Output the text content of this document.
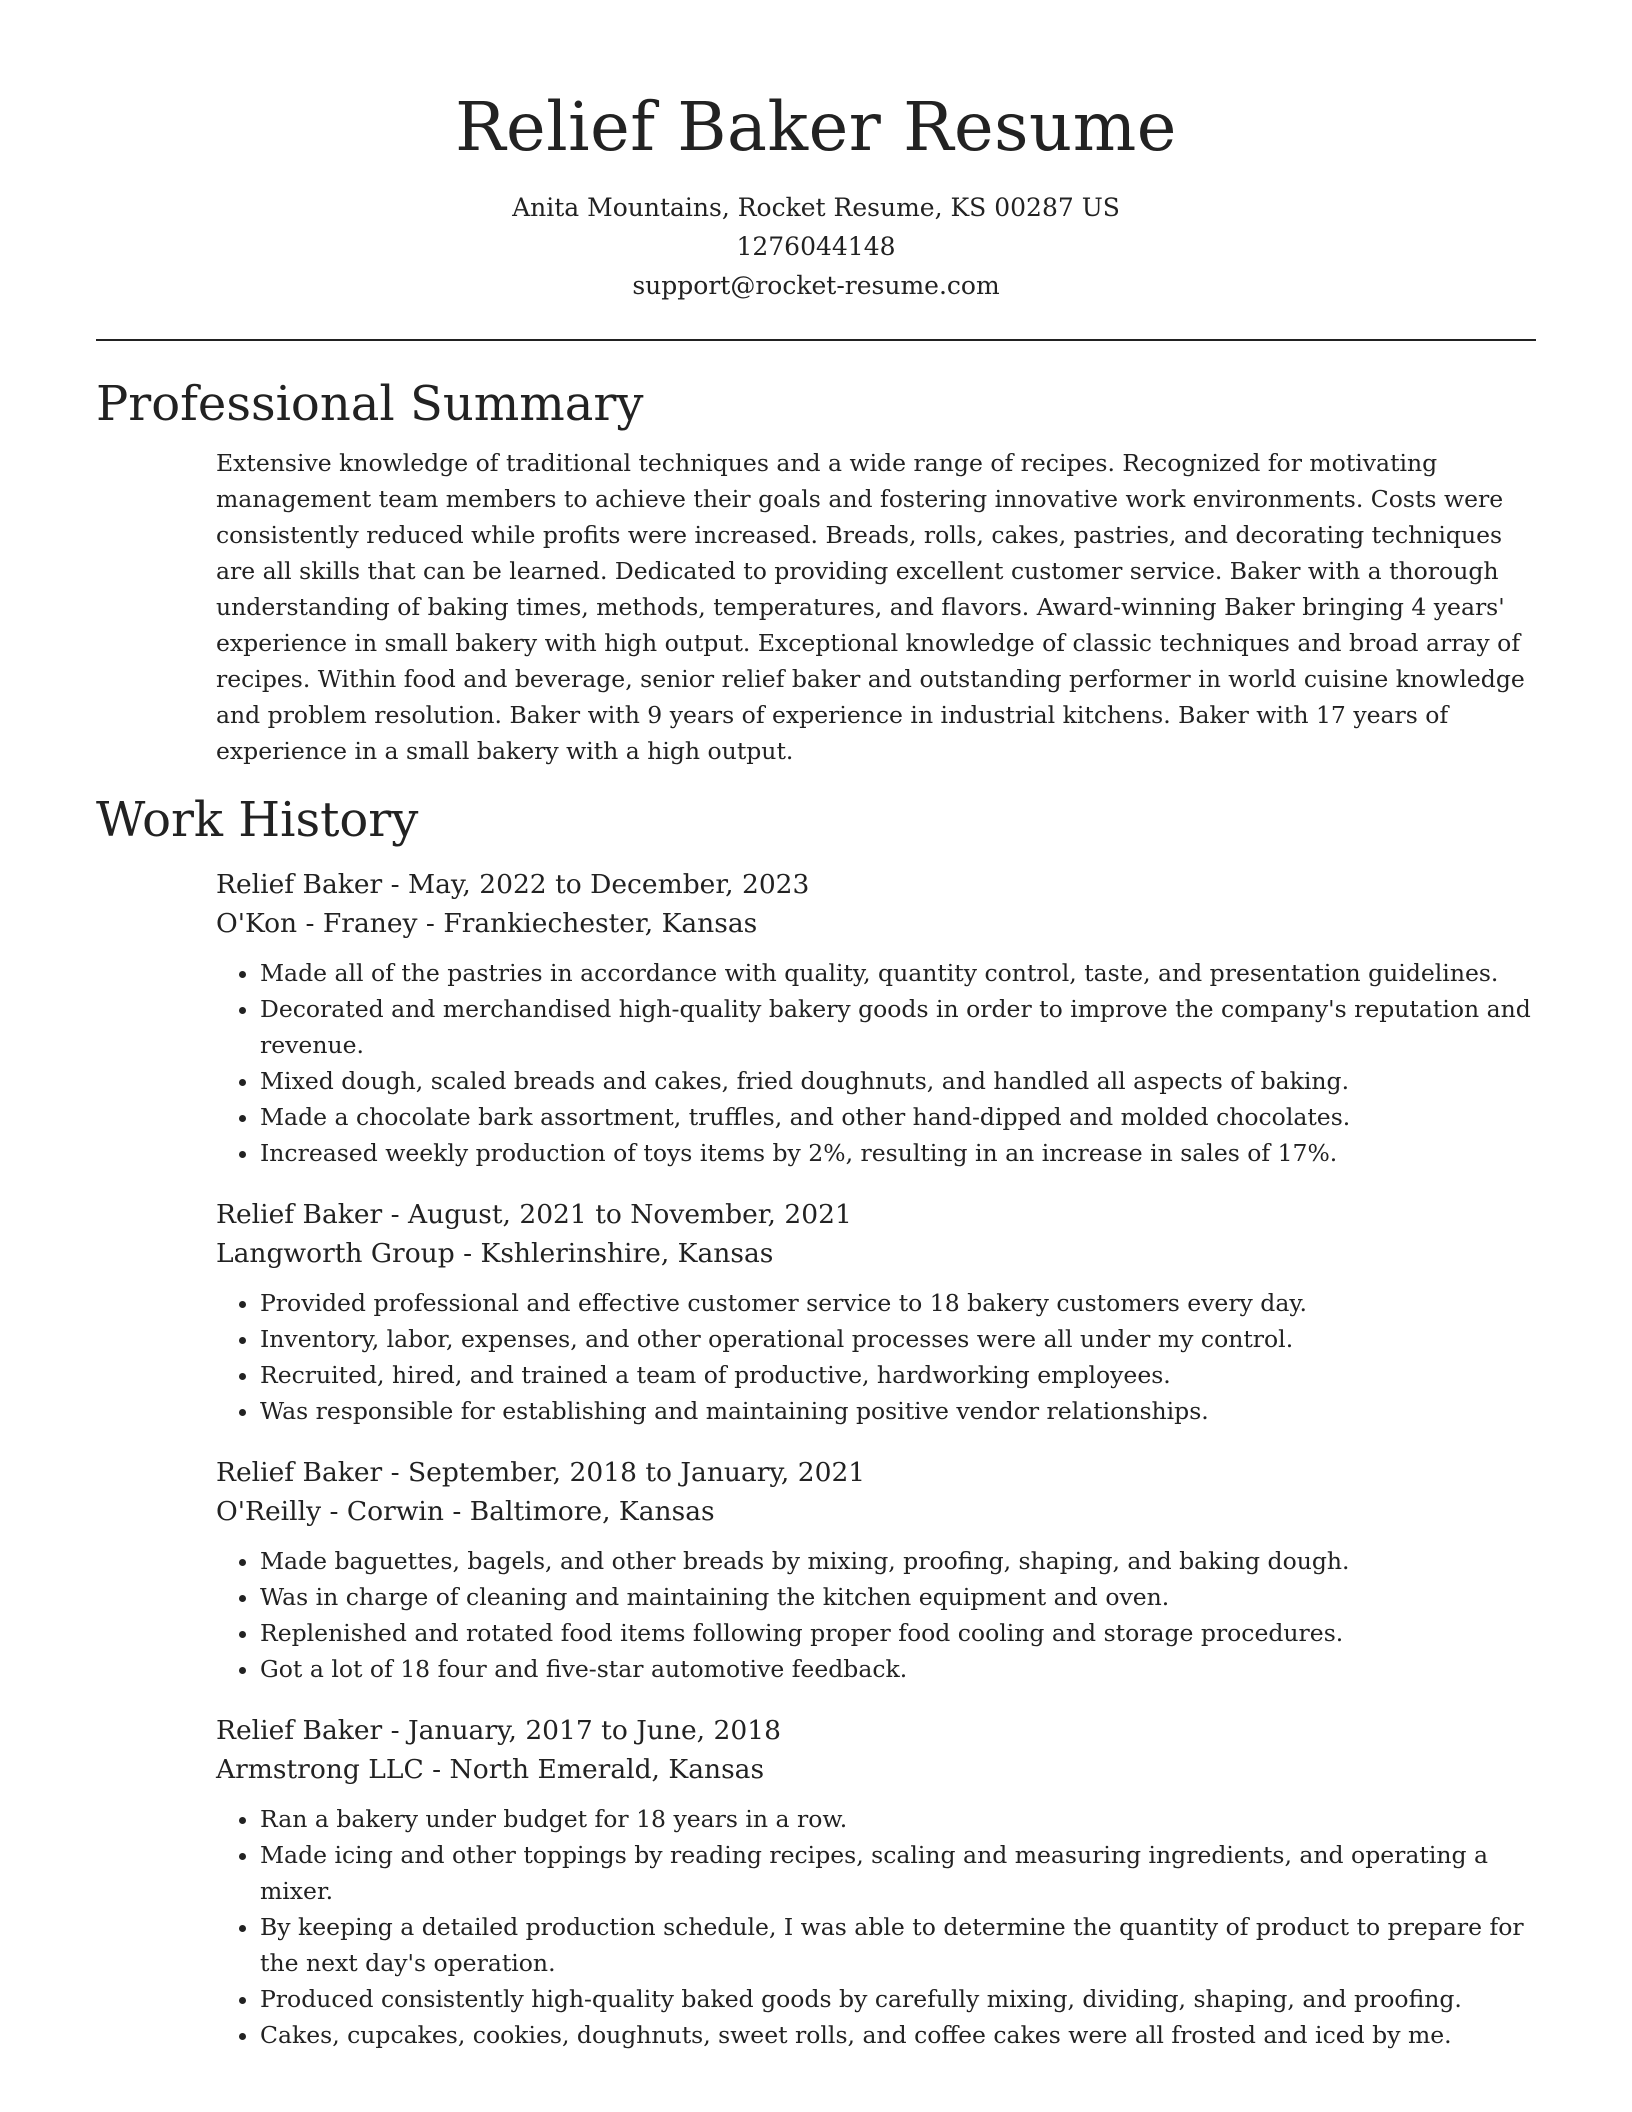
Relief Baker Resume
Anita Mountains, Rocket Resume, KS 00287 US
1276044148
support@rocket-resume.com
Professional Summary

Extensive knowledge of traditional techniques and a wide range of recipes. Recognized for motivating management team members to achieve their goals and fostering innovative work environments. Costs were consistently reduced while profits were increased. Breads, rolls, cakes, pastries, and decorating techniques are all skills that can be learned. Dedicated to providing excellent customer service. Baker with a thorough understanding of baking times, methods, temperatures, and flavors. Award-winning Baker bringing 4 years' experience in small bakery with high output. Exceptional knowledge of classic techniques and broad array of recipes. Within food and beverage, senior relief baker and outstanding performer in world cuisine knowledge and problem resolution. Baker with 9 years of experience in industrial kitchens. Baker with 17 years of experience in a small bakery with a high output.

Work History
Relief Baker - May, 2022 to December, 2023
O'Kon - Franey - Frankiechester, Kansas
• Made all of the pastries in accordance with quality, quantity control, taste, and presentation guidelines.
• Decorated and merchandised high-quality bakery goods in order to improve the company's reputation and revenue.
• Mixed dough, scaled breads and cakes, fried doughnuts, and handled all aspects of baking.
• Made a chocolate bark assortment, truffles, and other hand-dipped and molded chocolates.
• Increased weekly production of toys items by 2%, resulting in an increase in sales of 17%.
Relief Baker - August, 2021 to November, 2021
Langworth Group - Kshlerinshire, Kansas
• Provided professional and effective customer service to 18 bakery customers every day.
• Inventory, labor, expenses, and other operational processes were all under my control.
• Recruited, hired, and trained a team of productive, hardworking employees.
• Was responsible for establishing and maintaining positive vendor relationships.
Relief Baker - September, 2018 to January, 2021
O'Reilly - Corwin - Baltimore, Kansas
• Made baguettes, bagels, and other breads by mixing, proofing, shaping, and baking dough.
• Was in charge of cleaning and maintaining the kitchen equipment and oven.
• Replenished and rotated food items following proper food cooling and storage procedures.
• Got a lot of 18 four and five-star automotive feedback.
Relief Baker - January, 2017 to June, 2018
Armstrong LLC - North Emerald, Kansas
• Ran a bakery under budget for 18 years in a row.
• Made icing and other toppings by reading recipes, scaling and measuring ingredients, and operating a mixer.
• By keeping a detailed production schedule, I was able to determine the quantity of product to prepare for the next day's operation.
• Produced consistently high-quality baked goods by carefully mixing, dividing, shaping, and proofing.
• Cakes, cupcakes, cookies, doughnuts, sweet rolls, and coffee cakes were all frosted and iced by me.
